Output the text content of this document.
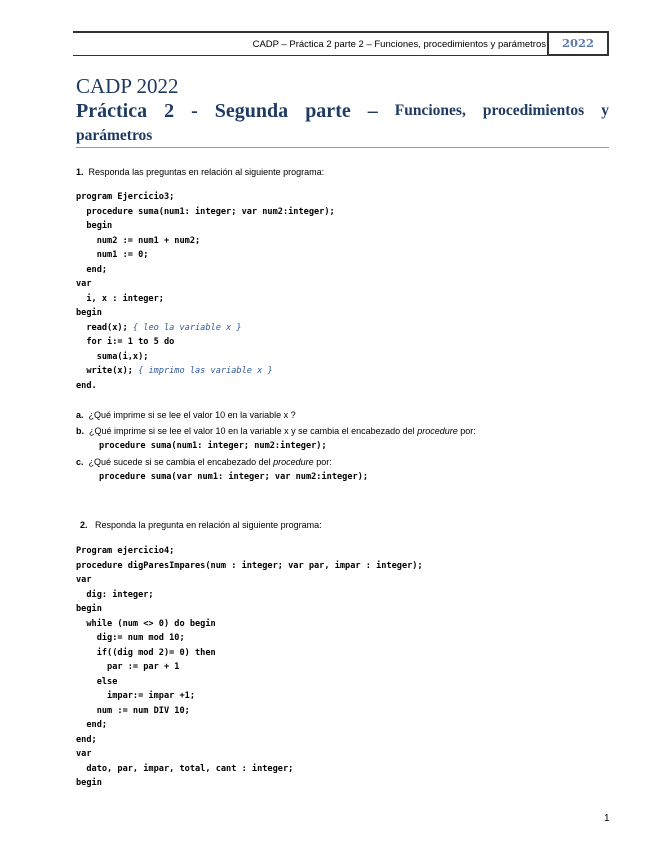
CADP – Práctica 2 parte 2 – Funciones, procedimientos y parámetros	2022
CADP 2022
Práctica 2 - Segunda parte – Funciones, procedimientos y
parámetros
1. Responda las preguntas en relación al siguiente programa:
program Ejercicio3;
procedure suma(num1: integer; var num2:integer);
begin
num2 := num1 + num2;
num1 := 0;
end;
var
i, x : integer;
begin
read(x); { leo la variable x }
for i:= 1 to 5 do
suma(i,x);
write(x); { imprimo las variable x }
end.
a. ¿Qué imprime si se lee el valor 10 en la variable x ?
b. ¿Qué imprime si se lee el valor 10 en la variable x y se cambia el encabezado del procedure por:
procedure suma(num1: integer; num2:integer);
c. ¿Qué sucede si se cambia el encabezado del procedure por:
procedure suma(var num1: integer; var num2:integer);
2. Responda la pregunta en relación al siguiente programa:
Program ejercicio4;
procedure digParesImpares(num : integer; var par, impar : integer);
var
dig: integer;
begin
while (num <> 0) do begin
dig:= num mod 10;
if((dig mod 2)= 0) then
par := par + 1
else
impar:= impar +1;
num := num DIV 10;
end;
end;
var
dato, par, impar, total, cant : integer;
begin
1
